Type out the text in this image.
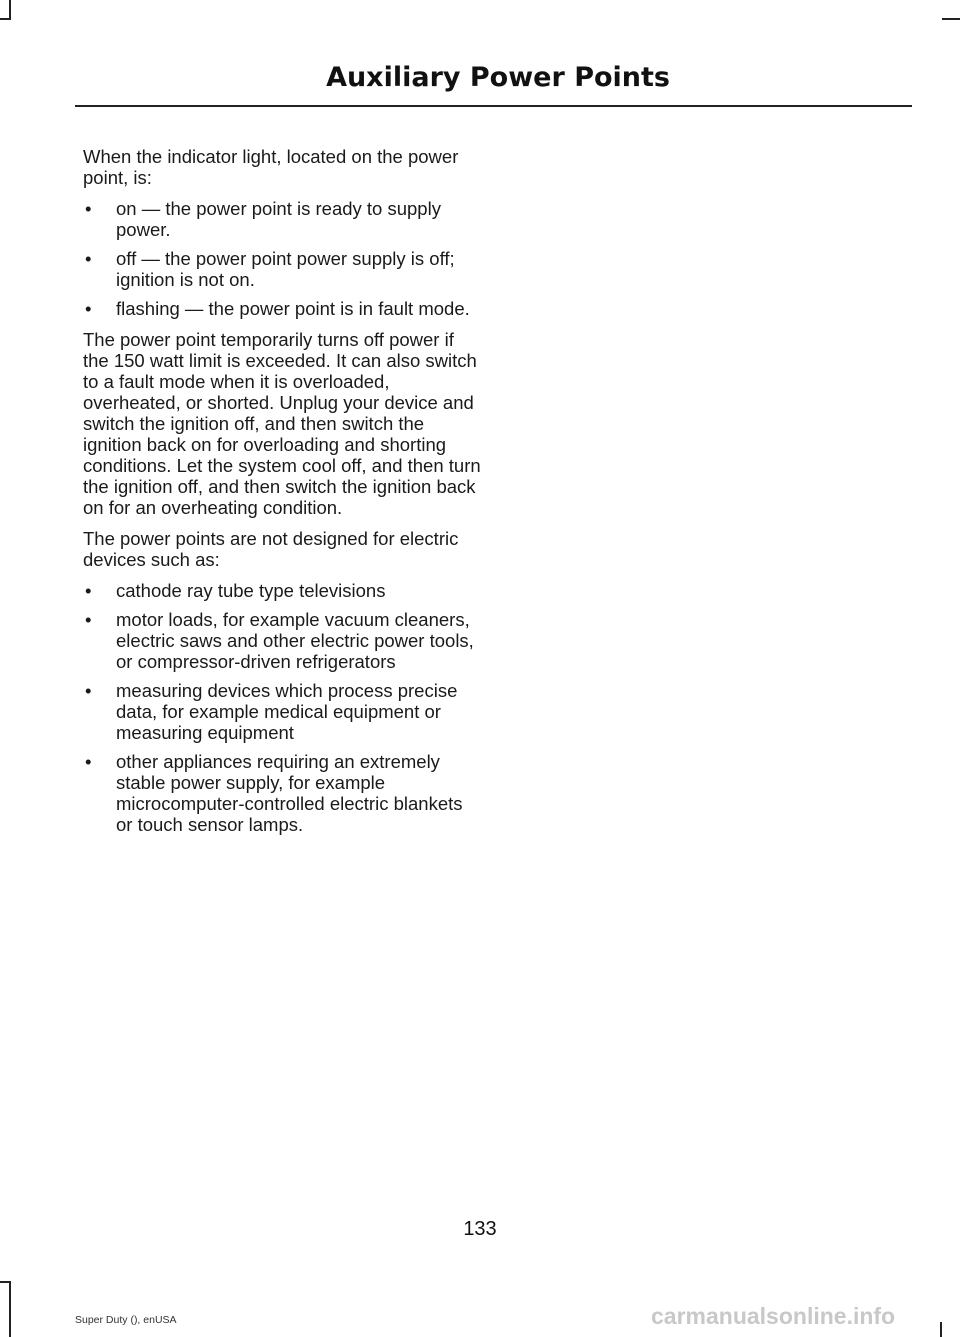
Auxiliary Power Points

When the indicator light, located on the power point, is:

• on — the power point is ready to supply power.
• off — the power point power supply is off; ignition is not on.
• flashing — the power point is in fault mode.

The power point temporarily turns off power if the 150 watt limit is exceeded. It can also switch to a fault mode when it is overloaded, overheated, or shorted. Unplug your device and switch the ignition off, and then switch the ignition back on for overloading and shorting conditions. Let the system cool off, and then turn the ignition off, and then switch the ignition back on for an overheating condition.

The power points are not designed for electric devices such as:

• cathode ray tube type televisions
• motor loads, for example vacuum cleaners, electric saws and other electric power tools, or compressor-driven refrigerators
• measuring devices which process precise data, for example medical equipment or measuring equipment
• other appliances requiring an extremely stable power supply, for example microcomputer-controlled electric blankets or touch sensor lamps.
133
Super Duty (), enUSA	carmanualsonline.info
